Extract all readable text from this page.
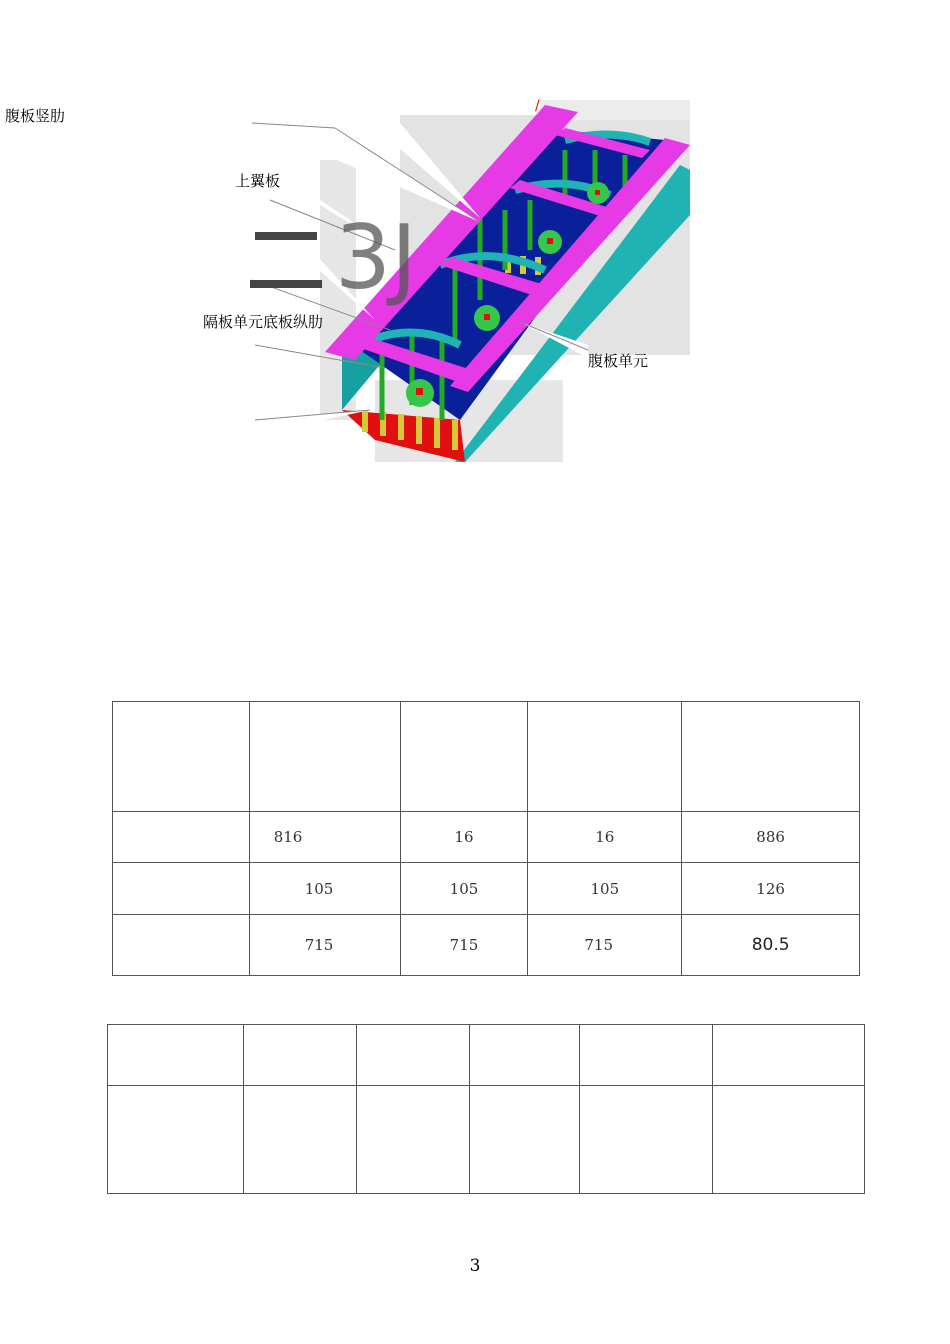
3J
/
腹板竖肋
上翼板
隔板单元底板纵肋
腹板单元

	816	16	16	886
	105	105	105	126
	715	715	715	80.5

3
